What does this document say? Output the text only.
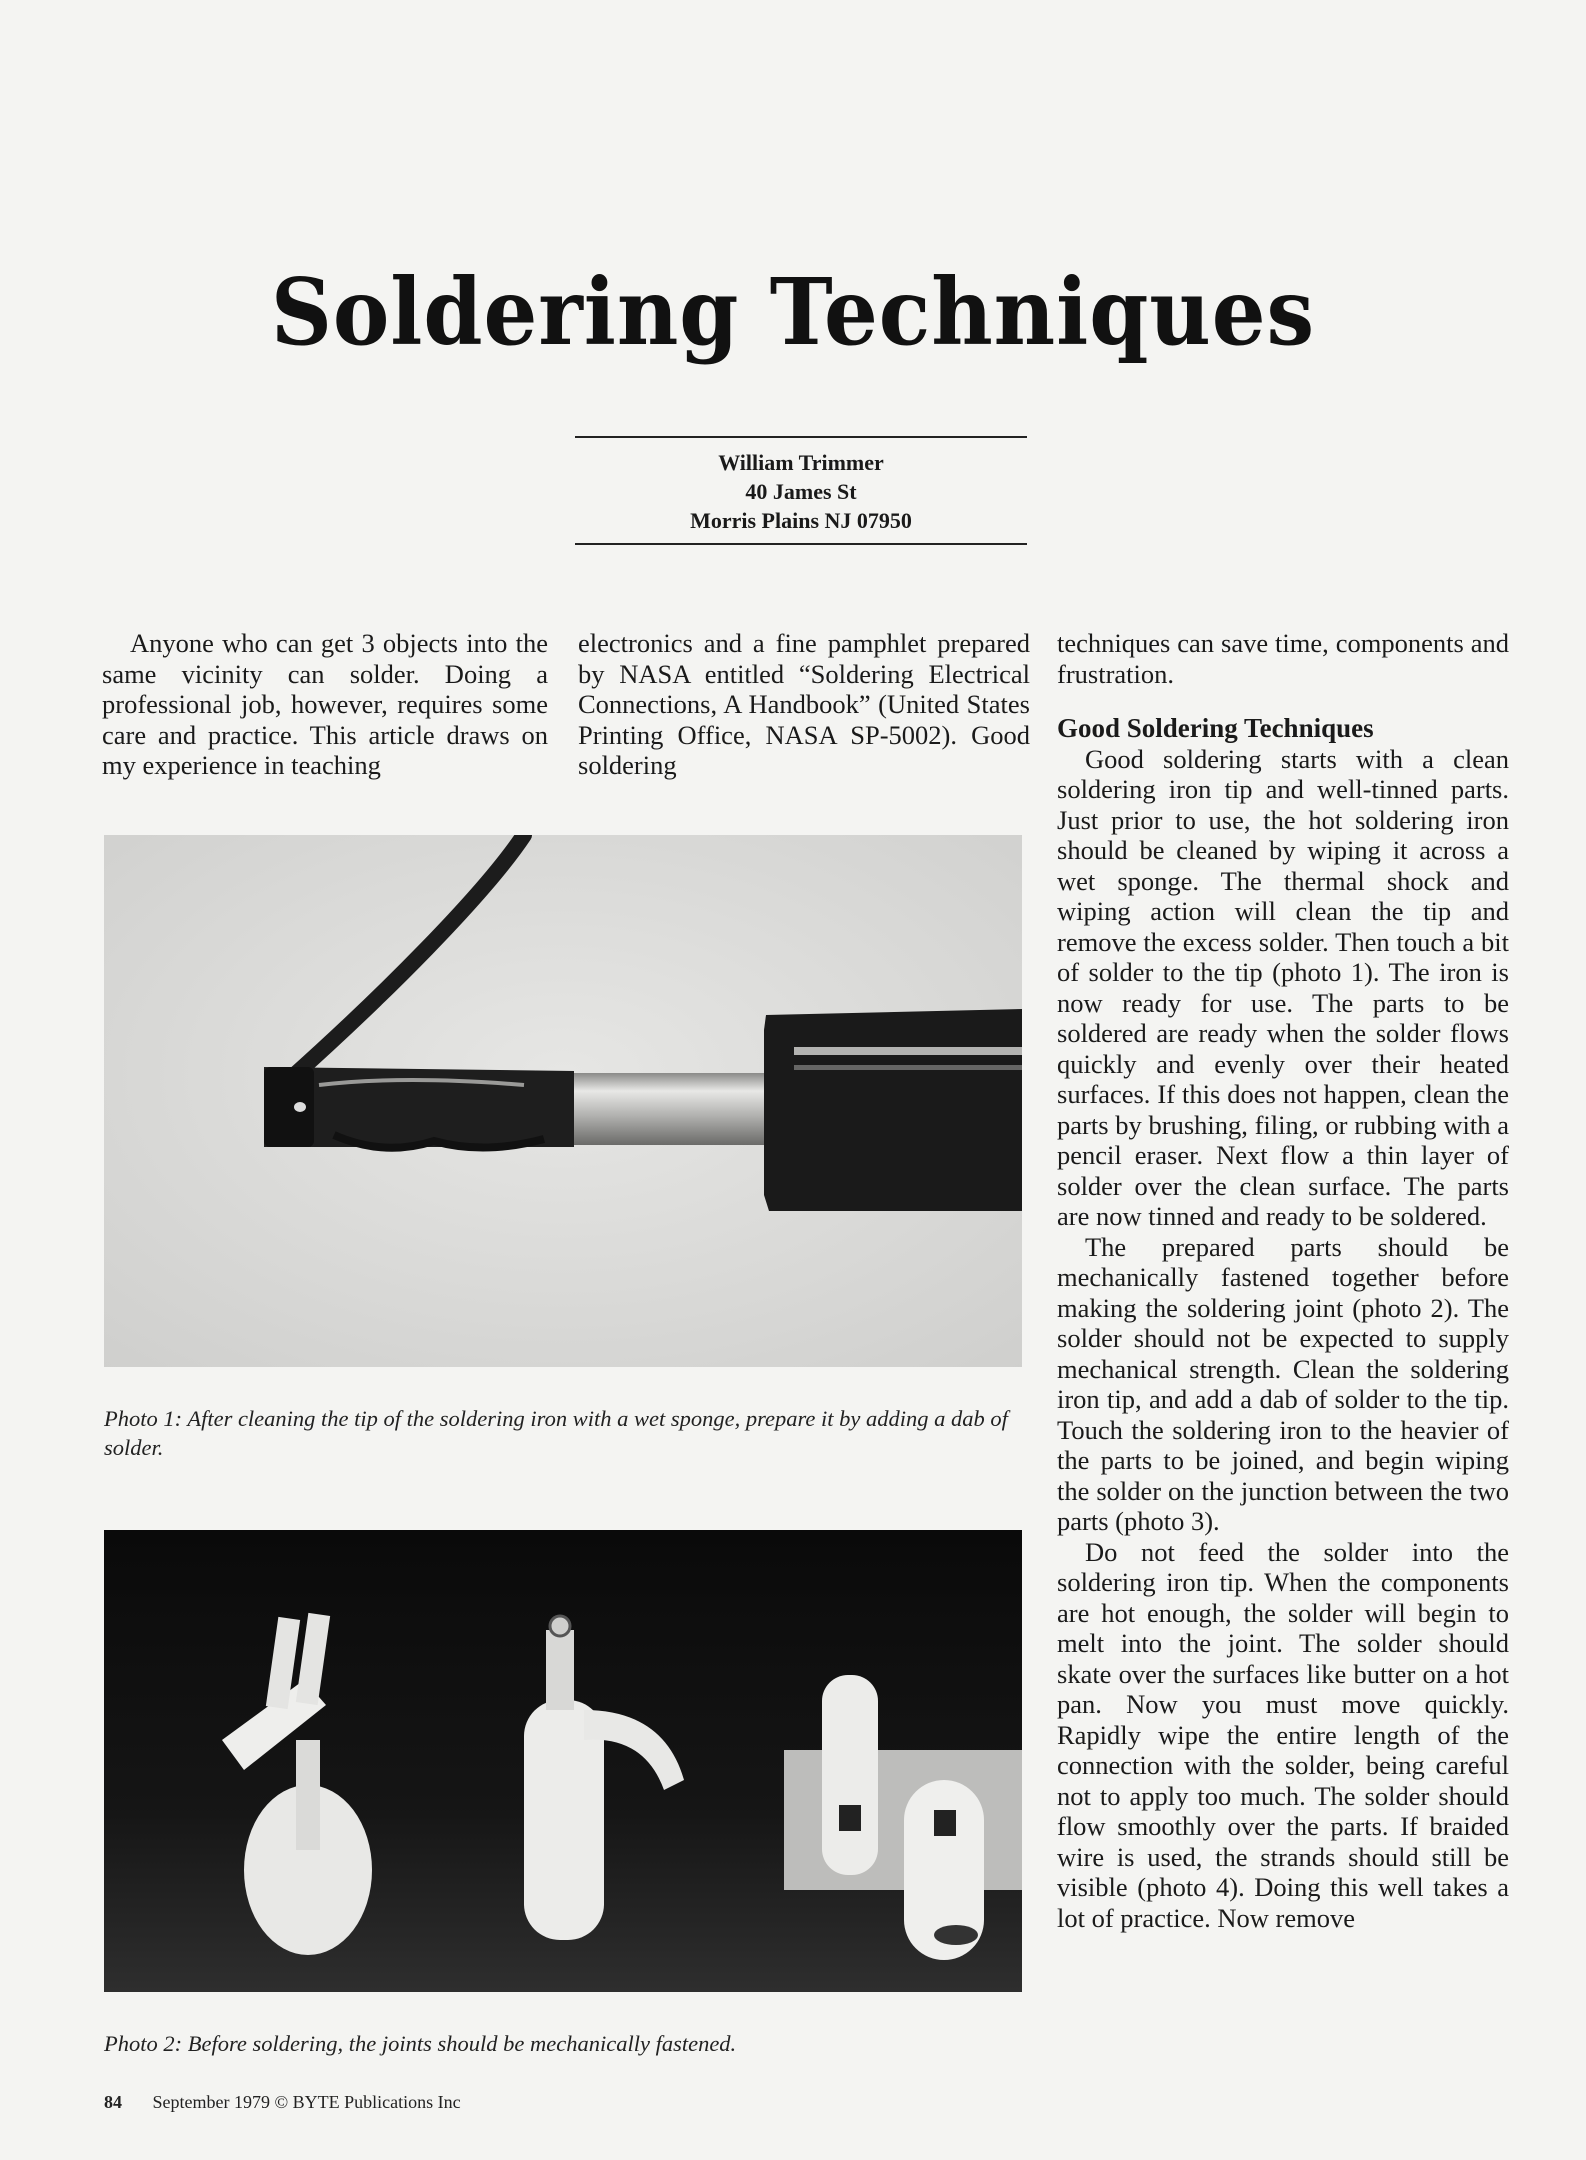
Soldering Techniques
William Trimmer
40 James St
Morris Plains NJ 07950

Anyone who can get 3 objects into the same vicinity can solder. Doing a professional job, however, requires some care and practice. This article draws on my experience in teaching

electronics and a fine pamphlet prepared by NASA entitled “Soldering Electrical Connections, A Handbook” (United States Printing Office, NASA SP-5002). Good soldering

techniques can save time, components and frustration.

Good Soldering Techniques

Good soldering starts with a clean soldering iron tip and well-tinned parts. Just prior to use, the hot soldering iron should be cleaned by wiping it across a wet sponge. The thermal shock and wiping action will clean the tip and remove the excess solder. Then touch a bit of solder to the tip (photo 1). The iron is now ready for use. The parts to be soldered are ready when the solder flows quickly and evenly over their heated surfaces. If this does not happen, clean the parts by brushing, filing, or rubbing with a pencil eraser. Next flow a thin layer of solder over the clean surface. The parts are now tinned and ready to be soldered.

The prepared parts should be mechanically fastened together before making the soldering joint (photo 2). The solder should not be expected to supply mechanical strength. Clean the soldering iron tip, and add a dab of solder to the tip. Touch the soldering iron to the heavier of the parts to be joined, and begin wiping the solder on the junction between the two parts (photo 3).

Do not feed the solder into the soldering iron tip. When the components are hot enough, the solder will begin to melt into the joint. The solder should skate over the surfaces like butter on a hot pan. Now you must move quickly. Rapidly wipe the entire length of the connection with the solder, being careful not to apply too much. The solder should flow smoothly over the parts. If braided wire is used, the strands should still be visible (photo 4). Doing this well takes a lot of practice. Now remove

Photo 1: After cleaning the tip of the soldering iron with a wet sponge, prepare it by adding a dab of solder.
Photo 2: Before soldering, the joints should be mechanically fastened.
84 September 1979 © BYTE Publications Inc
